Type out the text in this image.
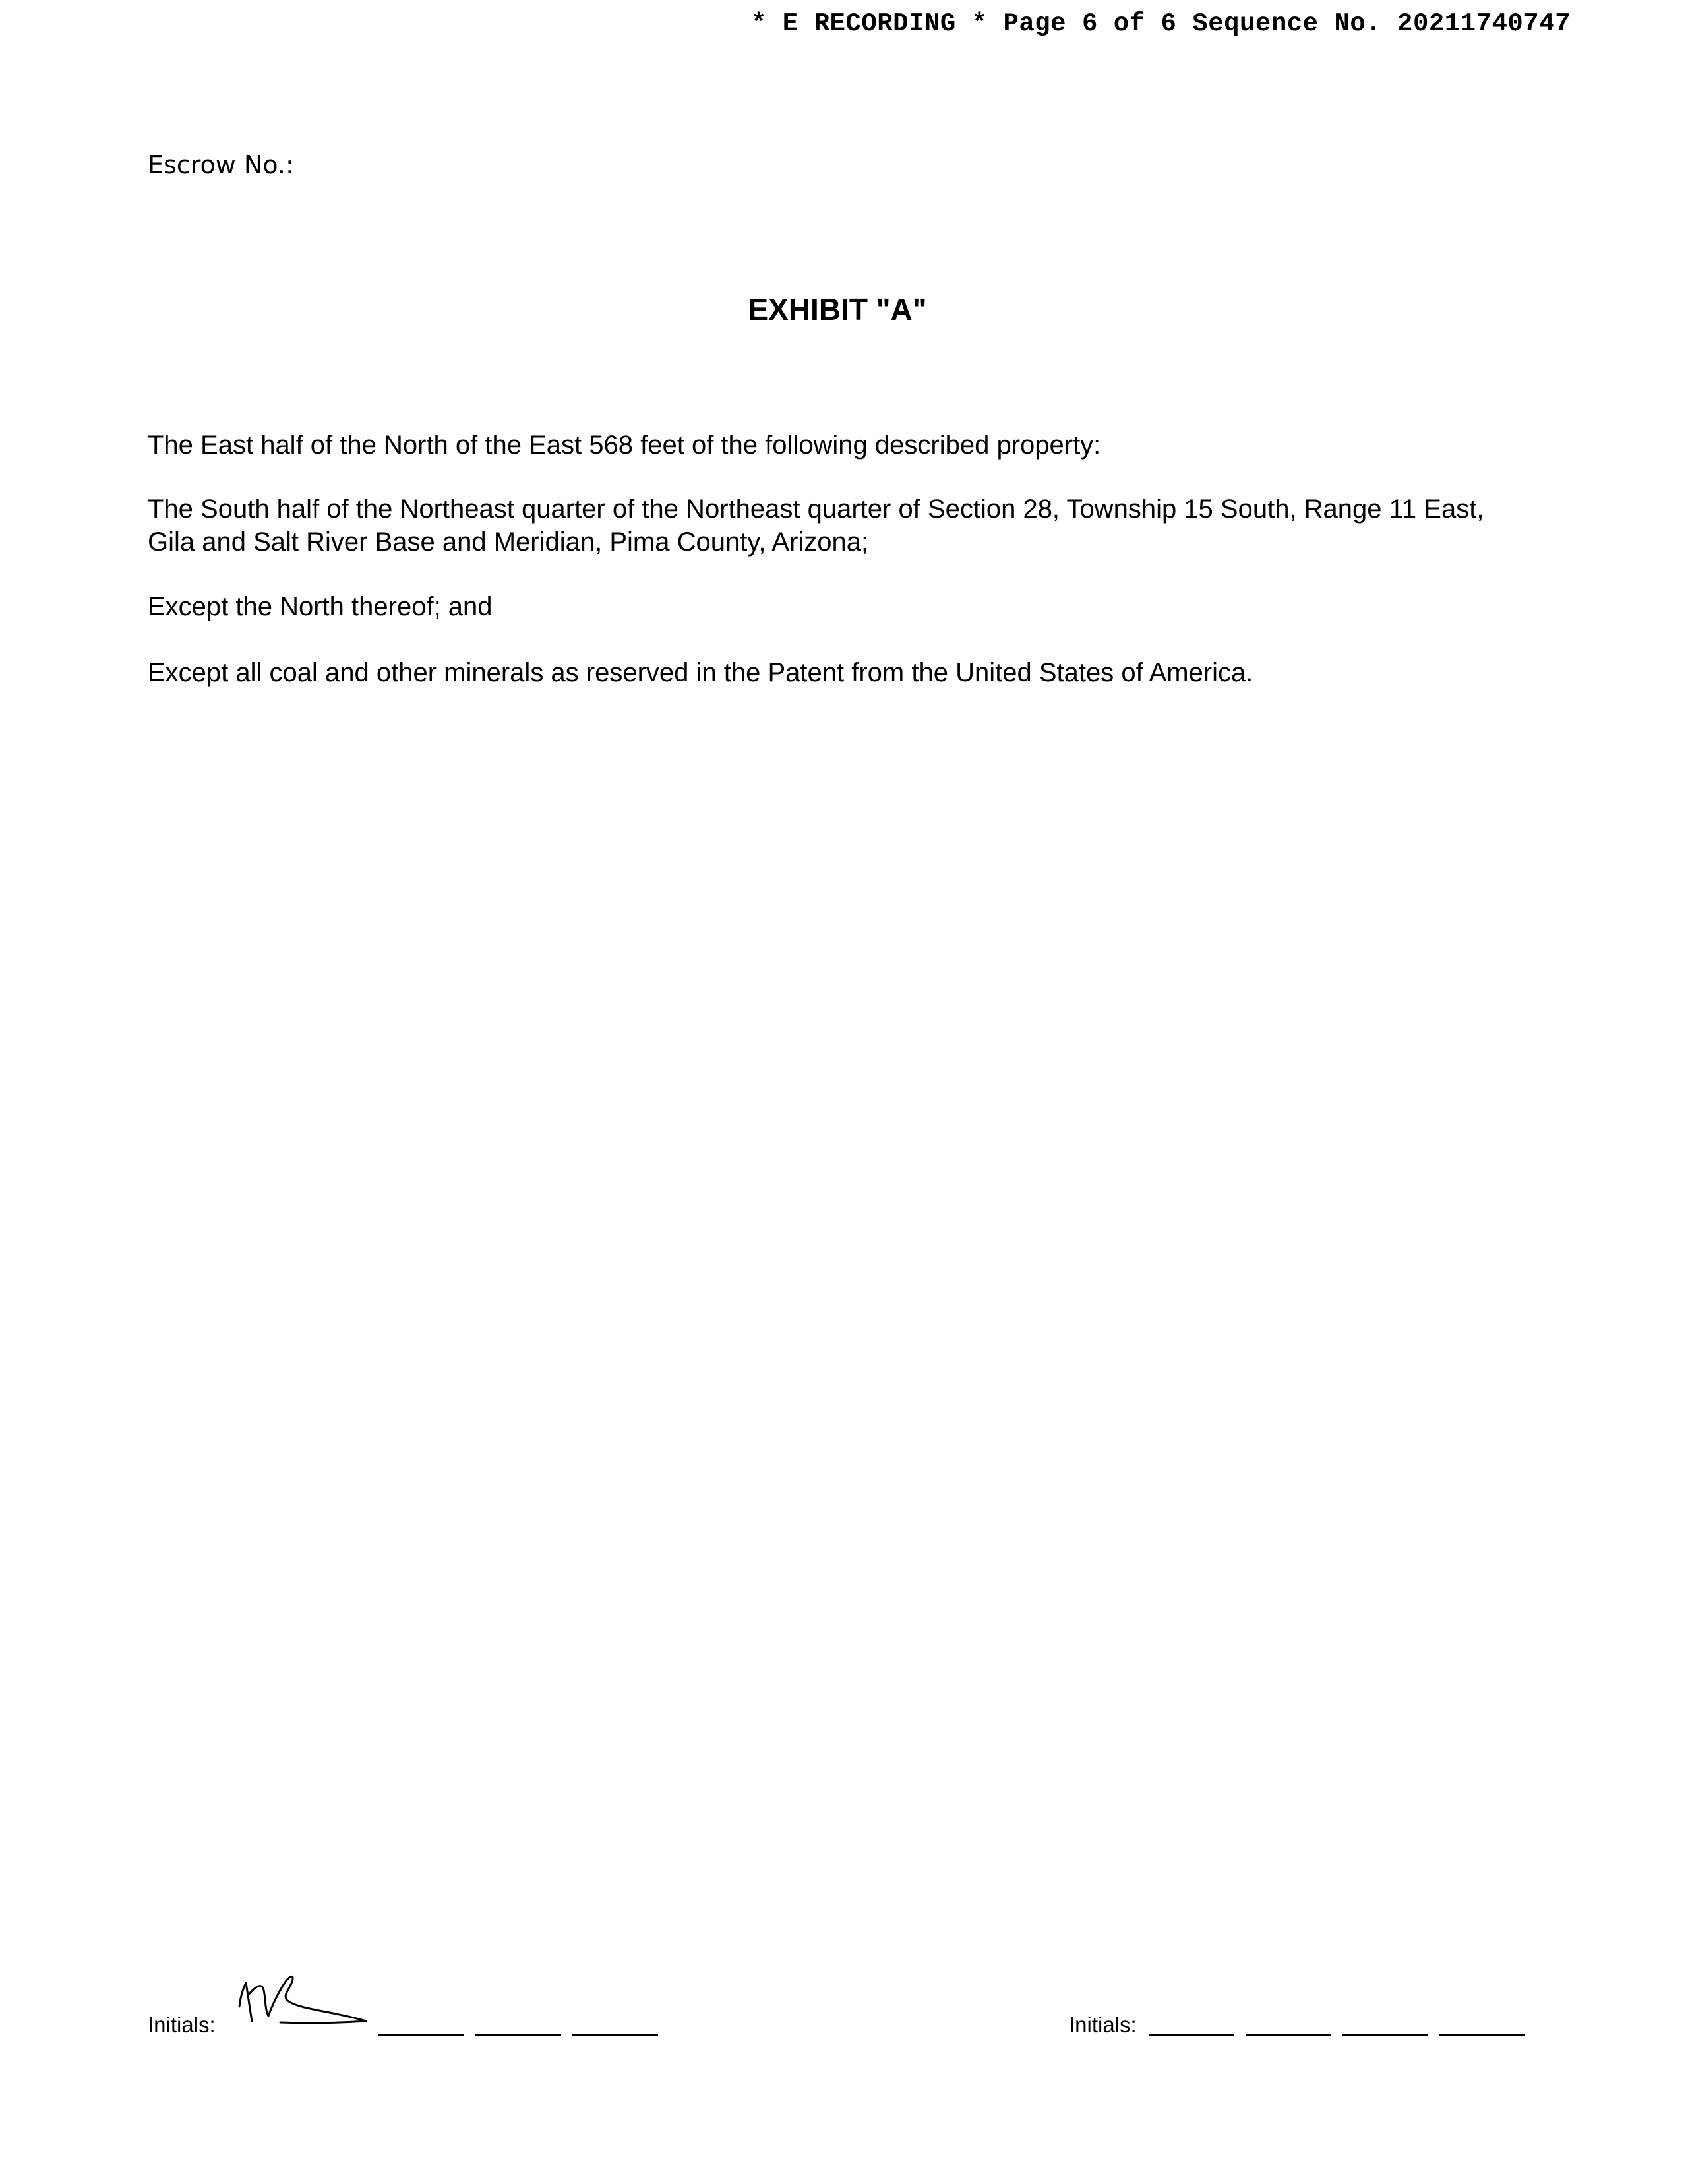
* E RECORDING * Page 6 of 6 Sequence No. 20211740747
Escrow No.:
EXHIBIT "A"

The East half of the North of the East 568 feet of the following described property:

The South half of the Northeast quarter of the Northeast quarter of Section 28, Township 15 South, Range 11 East, Gila and Salt River Base and Meridian, Pima County, Arizona;

Except the North thereof; and

Except all coal and other minerals as reserved in the Patent from the United States of America.

Initials:	Initials:
